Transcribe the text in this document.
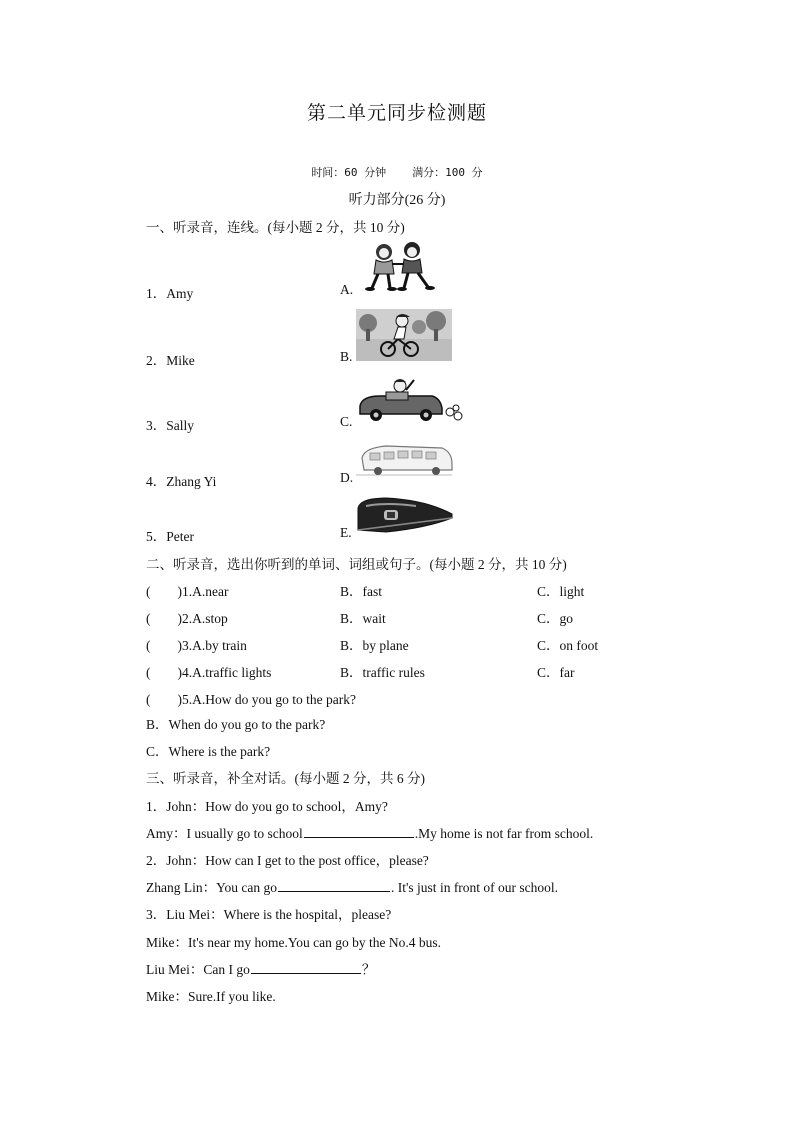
第二单元同步检测题
时间：60 分钟 满分：100 分
听力部分(26 分)
一、听录音，连线。(每小题 2 分，共 10 分)
1．Amy
2．Mike
3．Sally
4．Zhang Yi
5．Peter
A.
B.
C.
D.
E.
二、听录音，选出你听到的单词、词组或句子。(每小题 2 分，共 10 分)
(　　)1.A.near	B．fast	C．light
(　　)2.A.stop	B．wait	C．go
(　　)3.A.by train	B．by plane	C．on foot
(　　)4.A.traffic lights	B．traffic rules	C．far
(　　)5.A.How do you go to the park?
B．When do you go to the park?
C．Where is the park?
三、听录音，补全对话。(每小题 2 分，共 6 分)
1．John：How do you go to school，Amy?
Amy：I usually go to school	.My home is not far from school.
2．John：How can I get to the post office，please?
Zhang Lin：You can go	. It's just in front of our school.
3．Liu Mei：Where is the hospital，please?
Mike：It's near my home.You can go by the No.4 bus.
Liu Mei：Can I go	？
Mike：Sure.If you like.
